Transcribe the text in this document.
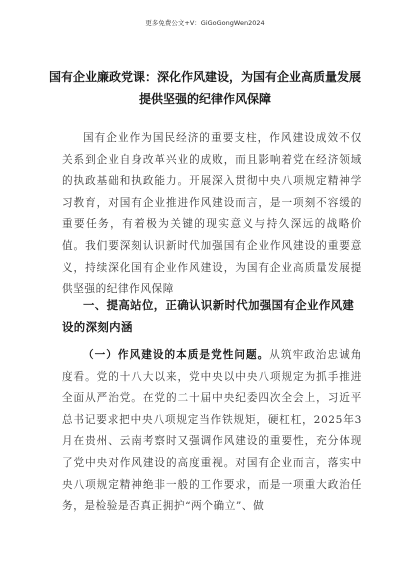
更多免费公文+V：GiGoGongWen2024
国有企业廉政党课：深化作风建设，为国有企业高质量发展提供坚强的纪律作风保障
国有企业作为国民经济的重要支柱，作风建设成效不仅关系到企业自身改革兴业的成败，而且影响着党在经济领域的执政基础和执政能力。开展深入贯彻中央八项规定精神学习教育，对国有企业推进作风建设而言，是一项刻不容缓的重要任务，有着极为关键的现实意义与持久深远的战略价值。我们要深刻认识新时代加强国有企业作风建设的重要意义，持续深化国有企业作风建设，为国有企业高质量发展提供坚强的纪律作风保障
一、提高站位，正确认识新时代加强国有企业作风建设的深刻内涵
（一）作风建设的本质是党性问题。从筑牢政治忠诚角度看。党的十八大以来，党中央以中央八项规定为抓手推进全面从严治党。在党的二十届中央纪委四次全会上，习近平总书记要求把中央八项规定当作铁规矩，硬杠杠，2025年3月在贵州、云南考察时又强调作风建设的重要性，充分体现了党中央对作风建设的高度重视。对国有企业而言，落实中央八项规定精神绝非一般的工作要求，而是一项重大政治任务，是检验是否真正拥护“两个确立”、做
